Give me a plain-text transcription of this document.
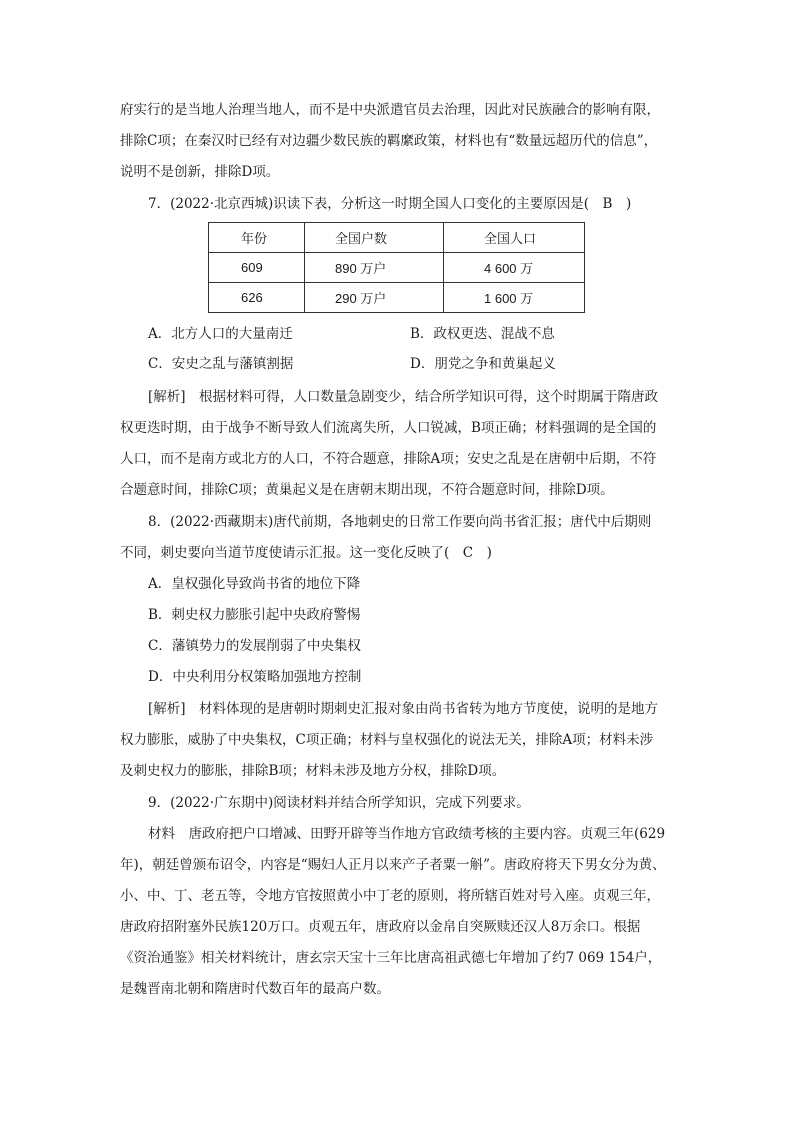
府实行的是当地人治理当地人，而不是中央派遣官员去治理，因此对民族融合的影响有限，
排除C项；在秦汉时已经有对边疆少数民族的羁縻政策，材料也有“数量远超历代的信息”，
说明不是创新，排除D项。
7．(2022·北京西城)识读下表，分析这一时期全国人口变化的主要原因是(　B　)
年份	全国户数	全国人口

609	890 万户	4 600 万

626	290 万户	1 600 万
A．北方人口的大量南迁	B．政权更迭、混战不息
C．安史之乱与藩镇割据	D．朋党之争和黄巢起义
[解析]　根据材料可得，人口数量急剧变少，结合所学知识可得，这个时期属于隋唐政
权更迭时期，由于战争不断导致人们流离失所，人口锐减，B项正确；材料强调的是全国的
人口，而不是南方或北方的人口，不符合题意，排除A项；安史之乱是在唐朝中后期，不符
合题意时间，排除C项；黄巢起义是在唐朝末期出现，不符合题意时间，排除D项。
8．(2022·西藏期末)唐代前期，各地刺史的日常工作要向尚书省汇报；唐代中后期则
不同，刺史要向当道节度使请示汇报。这一变化反映了(　C　)
A．皇权强化导致尚书省的地位下降
B．刺史权力膨胀引起中央政府警惕
C．藩镇势力的发展削弱了中央集权
D．中央利用分权策略加强地方控制
[解析]　材料体现的是唐朝时期刺史汇报对象由尚书省转为地方节度使，说明的是地方
权力膨胀，威胁了中央集权，C项正确；材料与皇权强化的说法无关，排除A项；材料未涉
及刺史权力的膨胀，排除B项；材料未涉及地方分权，排除D项。
9．(2022·广东期中)阅读材料并结合所学知识，完成下列要求。
材料　唐政府把户口增减、田野开辟等当作地方官政绩考核的主要内容。贞观三年(629
年)，朝廷曾颁布诏令，内容是“赐妇人正月以来产子者粟一斛”。唐政府将天下男女分为黄、
小、中、丁、老五等，令地方官按照黄小中丁老的原则，将所辖百姓对号入座。贞观三年，
唐政府招附塞外民族120万口。贞观五年，唐政府以金帛自突厥赎还汉人8万余口。根据
《资治通鉴》相关材料统计，唐玄宗天宝十三年比唐高祖武德七年增加了约7 069 154户，
是魏晋南北朝和隋唐时代数百年的最高户数。
